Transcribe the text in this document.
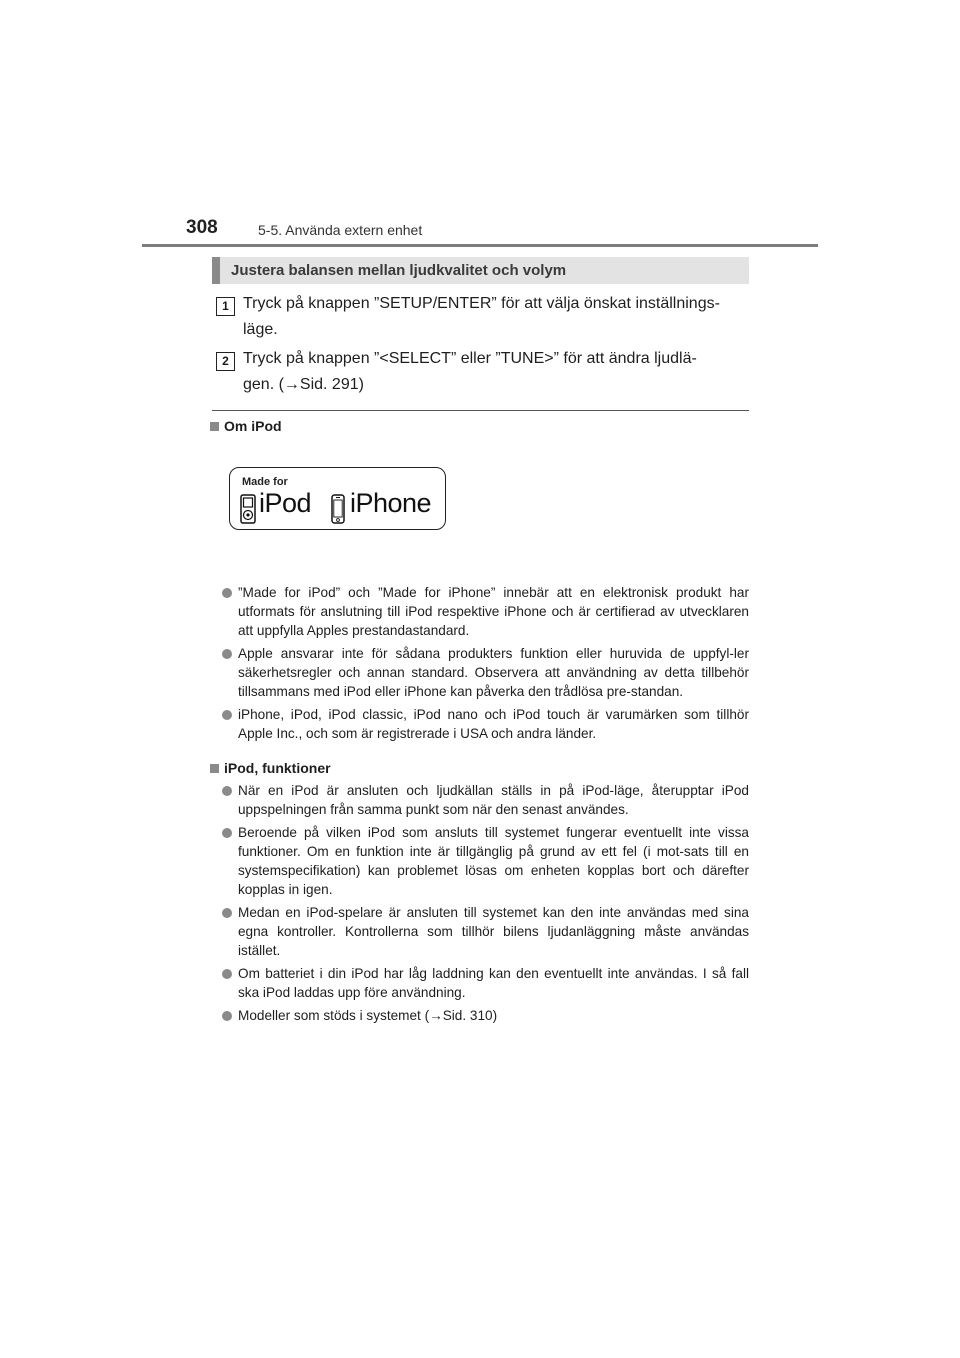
308	5-5. Använda extern enhet
Justera balansen mellan ljudkvalitet och volym
1 Tryck på knappen ”SETUP/ENTER” för att välja önskat inställnings-
läge.
2 Tryck på knappen ”<SELECT” eller ”TUNE>” för att ändra ljudlä-
gen. (→Sid. 291)
Om iPod
Made for
iPod iPhone
”Made for iPod” och ”Made for iPhone” innebär att en elektronisk produkt har utformats för anslutning till iPod respektive iPhone och är certifierad av utvecklaren att uppfylla Apples prestandastandard.
Apple ansvarar inte för sådana produkters funktion eller huruvida de uppfyl-ler säkerhetsregler och annan standard. Observera att användning av detta tillbehör tillsammans med iPod eller iPhone kan påverka den trådlösa pre-standan.
iPhone, iPod, iPod classic, iPod nano och iPod touch är varumärken som tillhör Apple Inc., och som är registrerade i USA och andra länder.
iPod, funktioner
När en iPod är ansluten och ljudkällan ställs in på iPod-läge, återupptar iPod uppspelningen från samma punkt som när den senast användes.
Beroende på vilken iPod som ansluts till systemet fungerar eventuellt inte vissa funktioner. Om en funktion inte är tillgänglig på grund av ett fel (i mot-sats till en systemspecifikation) kan problemet lösas om enheten kopplas bort och därefter kopplas in igen.
Medan en iPod-spelare är ansluten till systemet kan den inte användas med sina egna kontroller. Kontrollerna som tillhör bilens ljudanläggning måste användas istället.
Om batteriet i din iPod har låg laddning kan den eventuellt inte användas. I så fall ska iPod laddas upp före användning.
Modeller som stöds i systemet (→Sid. 310)
